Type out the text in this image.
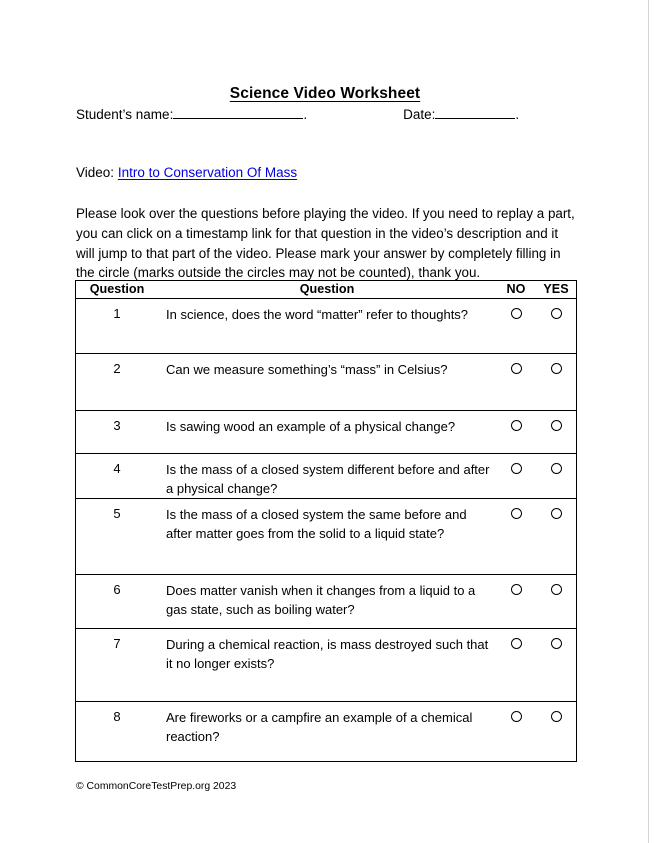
Science Video Worksheet
Student’s name:	.	Date:	.
Video: Intro to Conservation Of Mass

Please look over the questions before playing the video. If you need to replay a part, you can click on a timestamp link for that question in the video’s description and it will jump to that part of the video. Please mark your answer by completely filling in the circle (marks outside the circles may not be counted), thank you.

Question	Question	NO	YES
1	In science, does the word “matter” refer to thoughts?		
2	Can we measure something’s “mass” in Celsius?		
3	Is sawing wood an example of a physical change?		
4	Is the mass of a closed system different before and after a physical change?		
5	Is the mass of a closed system the same before and after matter goes from the solid to a liquid state?		
6	Does matter vanish when it changes from a liquid to a gas state, such as boiling water?		
7	During a chemical reaction, is mass destroyed such that it no longer exists?		
8	Are fireworks or a campfire an example of a chemical reaction?		
© CommonCoreTestPrep.org 2023
